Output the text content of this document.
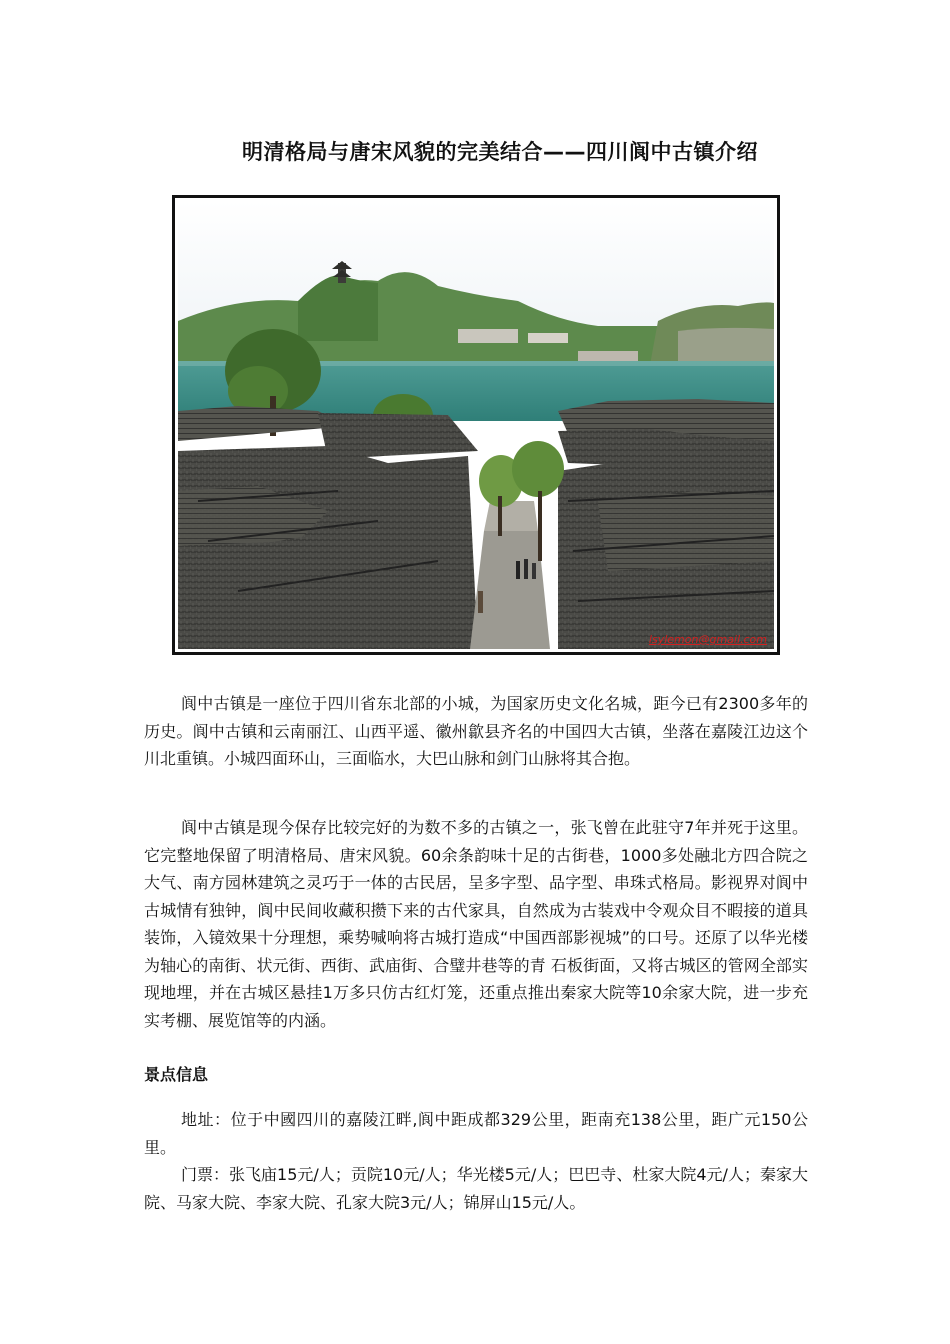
明清格局与唐宋风貌的完美结合——四川阆中古镇介绍
lsylemon@gmail.com

阆中古镇是一座位于四川省东北部的小城，为国家历史文化名城，距今已有2300多年的历史。阆中古镇和云南丽江、山西平遥、徽州歙县齐名的中国四大古镇，坐落在嘉陵江边这个川北重镇。小城四面环山，三面临水，大巴山脉和剑门山脉将其合抱。

阆中古镇是现今保存比较完好的为数不多的古镇之一，张飞曾在此驻守7年并死于这里。它完整地保留了明清格局、唐宋风貌。60余条韵味十足的古街巷，1000多处融北方四合院之大气、南方园林建筑之灵巧于一体的古民居，呈多字型、品字型、串珠式格局。影视界对阆中古城情有独钟，阆中民间收藏积攒下来的古代家具，自然成为古装戏中令观众目不暇接的道具装饰，入镜效果十分理想，乘势喊响将古城打造成“中国西部影视城”的口号。还原了以华光楼为轴心的南街、状元街、西街、武庙街、合璧井巷等的青 石板街面，又将古城区的管网全部实现地埋，并在古城区悬挂1万多只仿古红灯笼，还重点推出秦家大院等10余家大院，进一步充实考棚、展览馆等的内涵。

景点信息

地址：位于中國四川的嘉陵江畔,阆中距成都329公里，距南充138公里，距广元150公里。

门票：张飞庙15元/人；贡院10元/人；华光楼5元/人；巴巴寺、杜家大院4元/人；秦家大院、马家大院、李家大院、孔家大院3元/人；锦屏山15元/人。
